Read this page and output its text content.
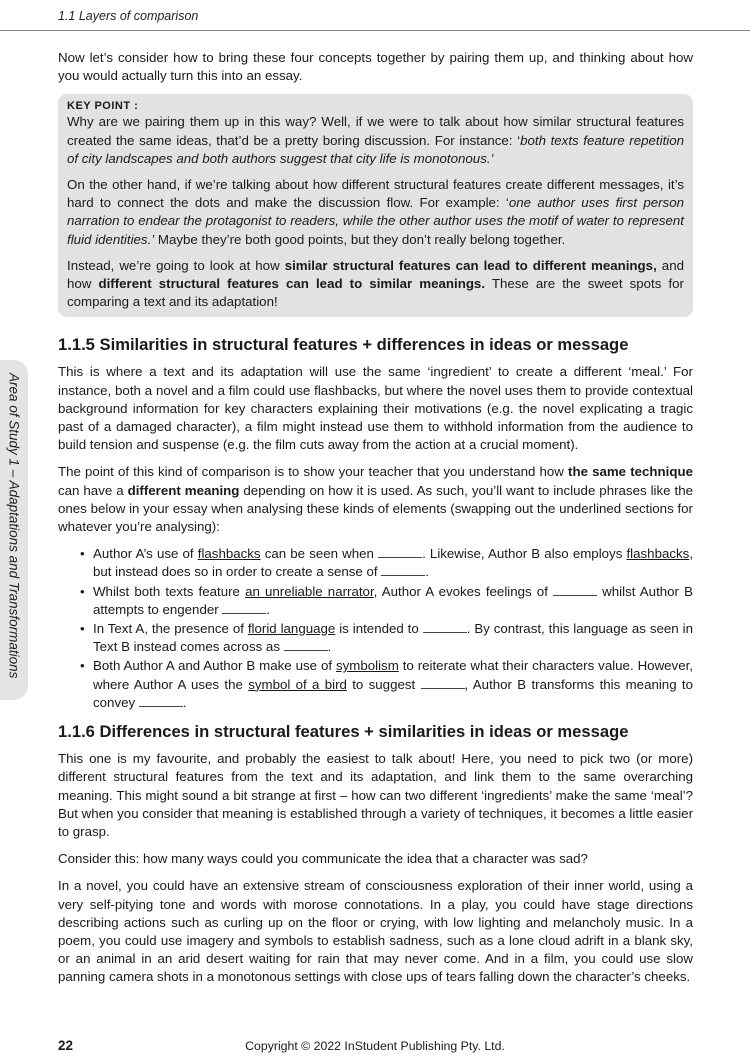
1.1 Layers of comparison
Area of Study 1 – Adaptations and Transformations

Now let’s consider how to bring these four concepts together by pairing them up, and thinking about how you would actually turn this into an essay.

KEY POINT :

Why are we pairing them up in this way? Well, if we were to talk about how similar structural features created the same ideas, that’d be a pretty boring discussion. For instance: ‘both texts feature repetition of city landscapes and both authors suggest that city life is monotonous.’

On the other hand, if we’re talking about how different structural features create different messages, it’s hard to connect the dots and make the discussion flow. For example: ‘one author uses first person narration to endear the protagonist to readers, while the other author uses the motif of water to represent fluid identities.’ Maybe they’re both good points, but they don’t really belong together.

Instead, we’re going to look at how similar structural features can lead to different meanings, and how different structural features can lead to similar meanings. These are the sweet spots for comparing a text and its adaptation!

1.1.5 Similarities in structural features + differences in ideas or message

This is where a text and its adaptation will use the same ‘ingredient’ to create a different ‘meal.’ For instance, both a novel and a film could use flashbacks, but where the novel uses them to provide contextual background information for key characters explaining their motivations (e.g. the novel explicating a tragic past of a damaged character), a film might instead use them to withhold information from the audience to build tension and suspense (e.g. the film cuts away from the action at a crucial moment).

The point of this kind of comparison is to show your teacher that you understand how the same technique can have a different meaning depending on how it is used. As such, you’ll want to include phrases like the ones below in your essay when analysing these kinds of elements (swapping out the underlined sections for whatever you’re analysing):

• Author A’s use of flashbacks can be seen when	. Likewise, Author B also employs flashbacks, but instead does so in order to create a sense of	.
• Whilst both texts feature an unreliable narrator, Author A evokes feelings of	whilst Author B attempts to engender	.
• In Text A, the presence of florid language is intended to	. By contrast, this language as seen in Text B instead comes across as	.
• Both Author A and Author B make use of symbolism to reiterate what their characters value. However, where Author A uses the symbol of a bird to suggest	, Author B transforms this meaning to convey	.
1.1.6 Differences in structural features + similarities in ideas or message

This one is my favourite, and probably the easiest to talk about! Here, you need to pick two (or more) different structural features from the text and its adaptation, and link them to the same overarching meaning. This might sound a bit strange at first – how can two different ‘ingredients’ make the same ‘meal’? But when you consider that meaning is established through a variety of techniques, it becomes a little easier to grasp.

Consider this: how many ways could you communicate the idea that a character was sad?

In a novel, you could have an extensive stream of consciousness exploration of their inner world, using a very self-pitying tone and words with morose connotations. In a play, you could have stage directions describing actions such as curling up on the floor or crying, with low lighting and melancholy music. In a poem, you could use imagery and symbols to establish sadness, such as a lone cloud adrift in a blank sky, or an animal in an arid desert waiting for rain that may never come. And in a film, you could use slow panning camera shots in a monotonous settings with close ups of tears falling down the character’s cheeks.

22	Copyright © 2022 InStudent Publishing Pty. Ltd.
